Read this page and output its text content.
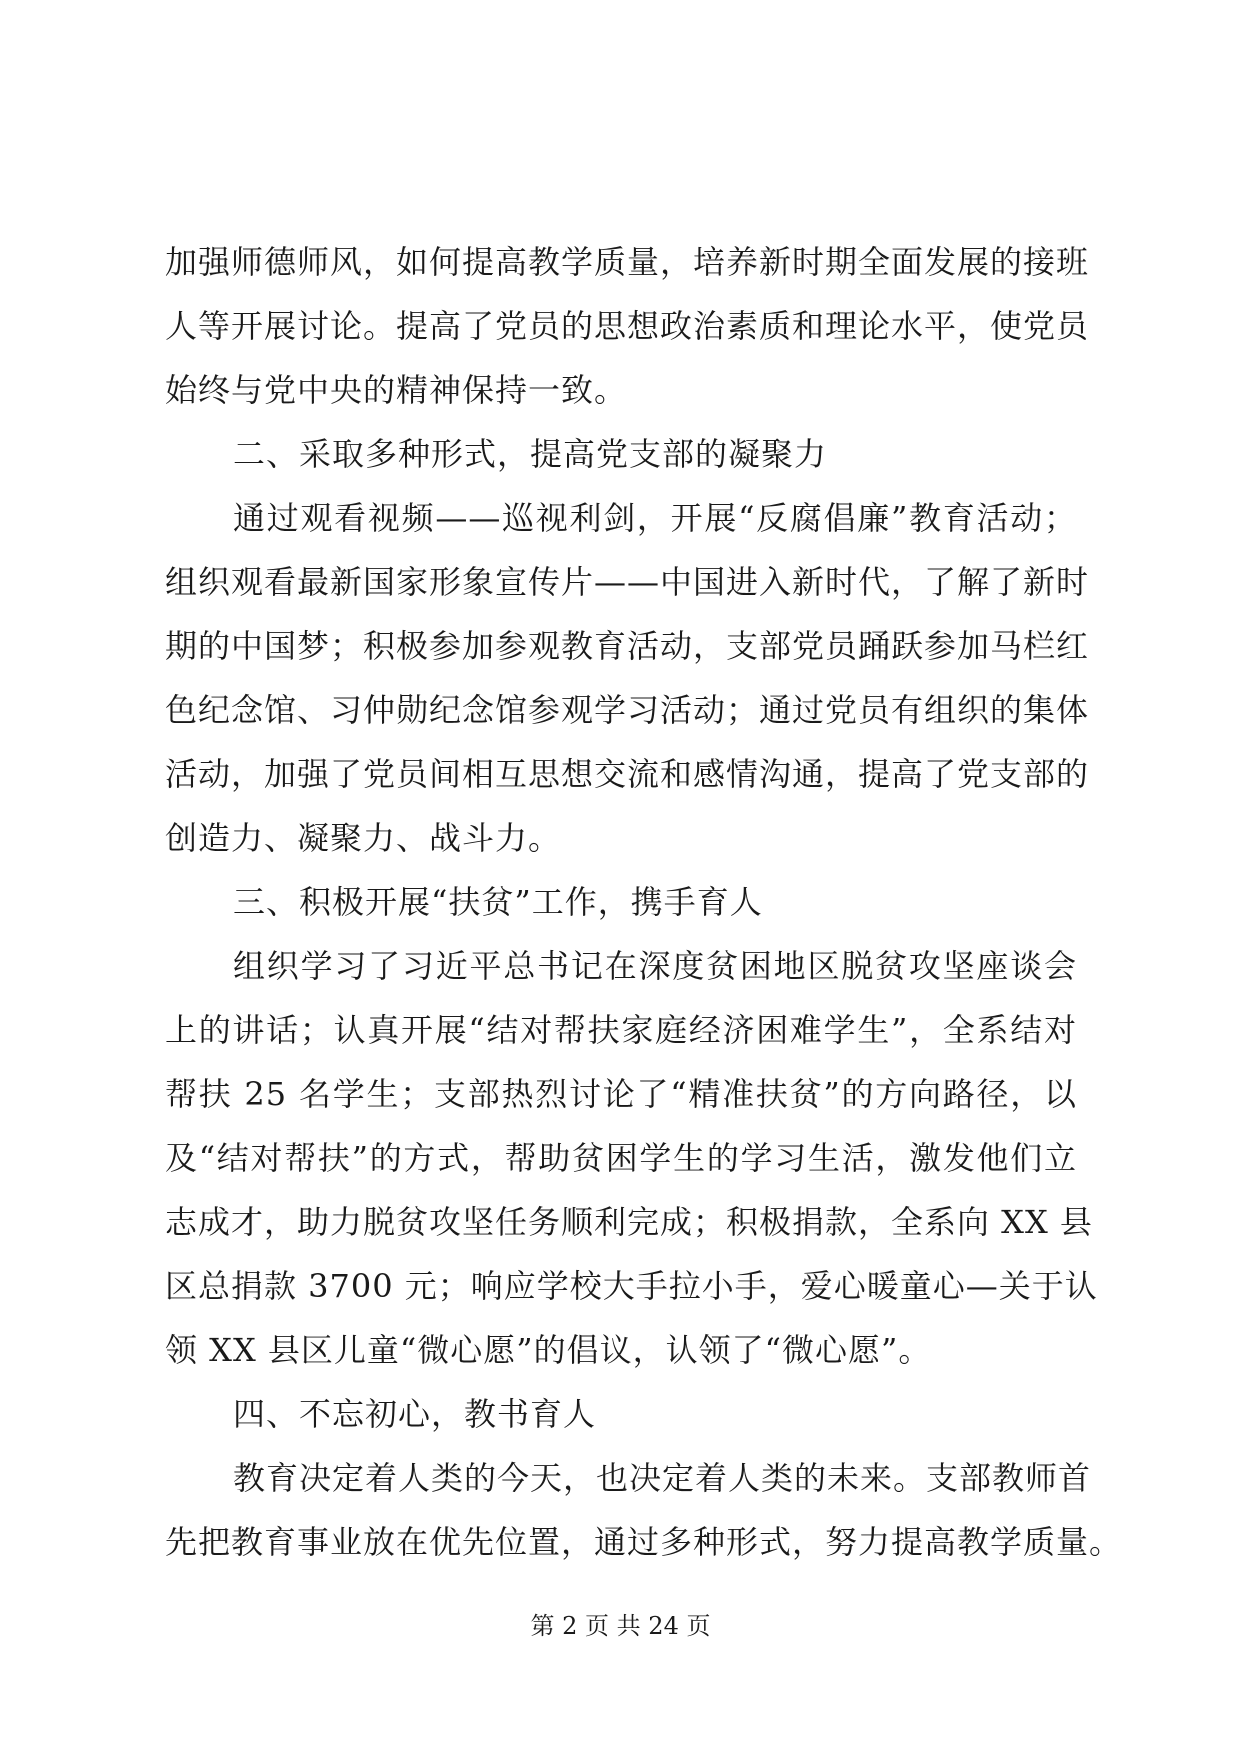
加强师德师风，如何提高教学质量，培养新时期全面发展的接班
人等开展讨论。提高了党员的思想政治素质和理论水平，使党员
始终与党中央的精神保持一致。
二、采取多种形式，提高党支部的凝聚力
通过观看视频——巡视利剑，开展“反腐倡廉”教育活动；
组织观看最新国家形象宣传片——中国进入新时代，了解了新时
期的中国梦；积极参加参观教育活动，支部党员踊跃参加马栏红
色纪念馆、习仲勋纪念馆参观学习活动；通过党员有组织的集体
活动，加强了党员间相互思想交流和感情沟通，提高了党支部的
创造力、凝聚力、战斗力。
三、积极开展“扶贫”工作，携手育人
组织学习了习近平总书记在深度贫困地区脱贫攻坚座谈会
上的讲话；认真开展“结对帮扶家庭经济困难学生”，全系结对
帮扶 25 名学生；支部热烈讨论了“精准扶贫”的方向路径，以
及“结对帮扶”的方式，帮助贫困学生的学习生活，激发他们立
志成才，助力脱贫攻坚任务顺利完成；积极捐款，全系向 XX 县
区总捐款 3700 元；响应学校大手拉小手，爱心暖童心—关于认
领 XX 县区儿童“微心愿”的倡议，认领了“微心愿”。
四、不忘初心，教书育人
教育决定着人类的今天，也决定着人类的未来。支部教师首
先把教育事业放在优先位置，通过多种形式，努力提高教学质量。
第 2 页 共 24 页
